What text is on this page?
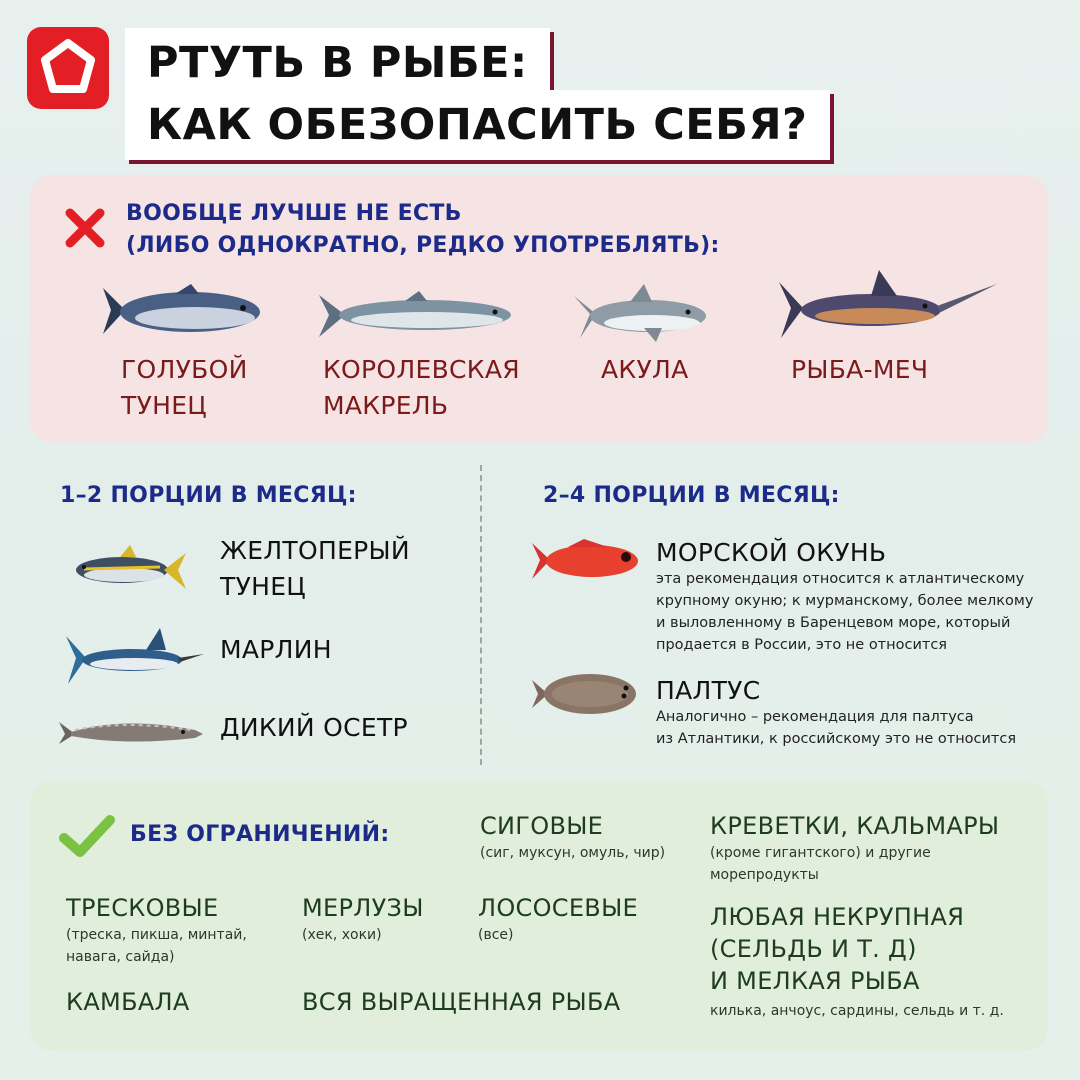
РТУТЬ В РЫБЕ:
КАК ОБЕЗОПАСИТЬ СЕБЯ?
ВООБЩЕ ЛУЧШЕ НЕ ЕСТЬ
(ЛИБО ОДНОКРАТНО, РЕДКО УПОТРЕБЛЯТЬ):
ГОЛУБОЙ
ТУНЕЦ
КОРОЛЕВСКАЯ
МАКРЕЛЬ
АКУЛА	РЫБА-МЕЧ
1–2 ПОРЦИИ В МЕСЯЦ:
ЖЕЛТОПЕРЫЙ
ТУНЕЦ
МАРЛИН
ДИКИЙ ОСЕТР
2–4 ПОРЦИИ В МЕСЯЦ:
МОРСКОЙ ОКУНЬ
эта рекомендация относится к атлантическому
крупному окуню; к мурманскому, более мелкому
и выловленному в Баренцевом море, который
продается в России, это не относится
ПАЛТУС
Аналогично – рекомендация для палтуса
из Атлантики, к российскому это не относится
БЕЗ ОГРАНИЧЕНИЙ:	СИГОВЫЕ
(сиг, муксун, омуль, чир)
КРЕВЕТКИ, КАЛЬМАРЫ
(кроме гигантского) и другие
морепродукты
ТРЕСКОВЫЕ
(треска, пикша, минтай,
навага, сайда)
МЕРЛУЗЫ
(хек, хоки)
ЛОСОСЕВЫЕ
(все)
ЛЮБАЯ НЕКРУПНАЯ
(СЕЛЬДЬ И Т. Д)
И МЕЛКАЯ РЫБА
килька, анчоус, сардины, сельдь и т. д.
КАМБАЛА	ВСЯ ВЫРАЩЕННАЯ РЫБА
